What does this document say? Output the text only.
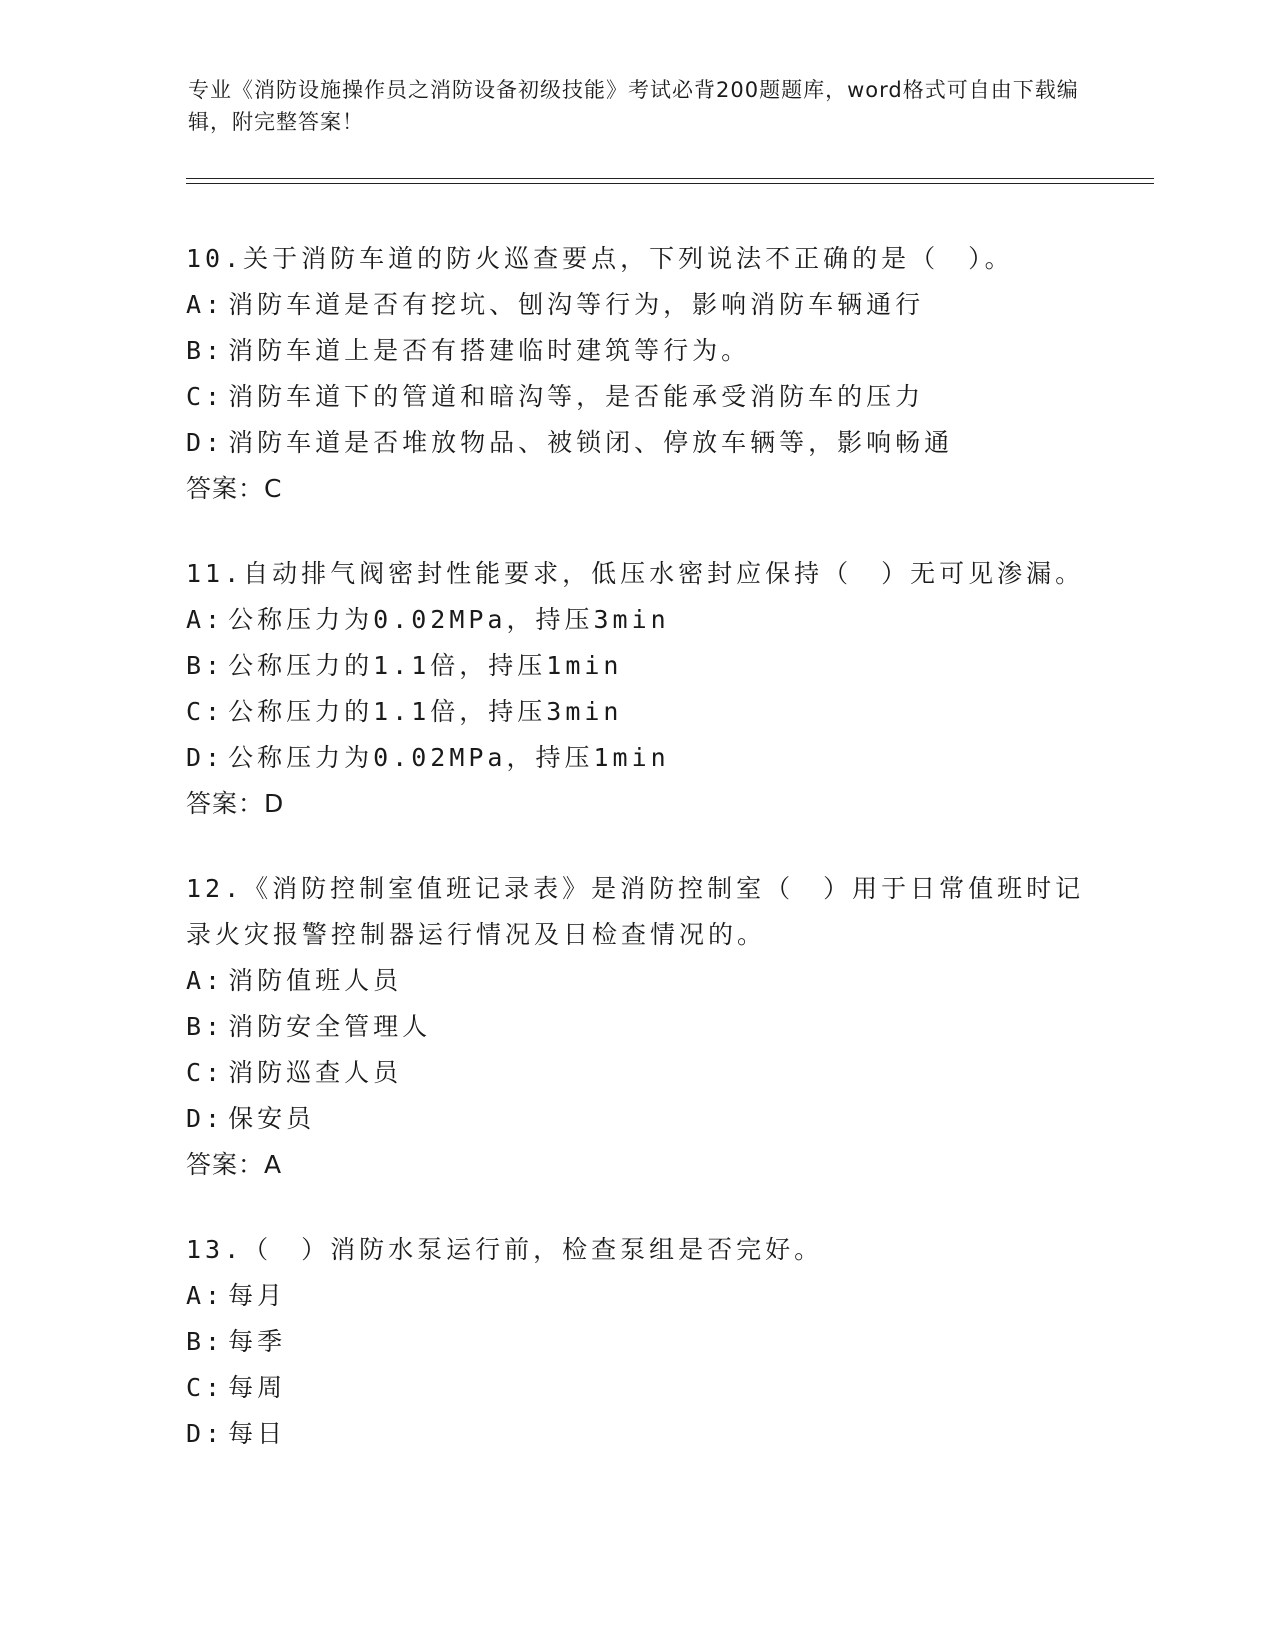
专业《消防设施操作员之消防设备初级技能》考试必背200题题库，word格式可自由下载编辑，附完整答案！
10.关于消防车道的防火巡查要点，下列说法不正确的是（　）。
A: 消防车道是否有挖坑、刨沟等行为，影响消防车辆通行
B: 消防车道上是否有搭建临时建筑等行为。
C: 消防车道下的管道和暗沟等，是否能承受消防车的压力
D: 消防车道是否堆放物品、被锁闭、停放车辆等，影响畅通
答案：C
11.自动排气阀密封性能要求，低压水密封应保持（　）无可见渗漏。
A: 公称压力为0.02MPa，持压3min
B: 公称压力的1.1倍，持压1min
C: 公称压力的1.1倍，持压3min
D: 公称压力为0.02MPa，持压1min
答案：D
12.《消防控制室值班记录表》是消防控制室（　）用于日常值班时记录火灾报警控制器运行情况及日检查情况的。
A: 消防值班人员
B: 消防安全管理人
C: 消防巡查人员
D: 保安员
答案：A
13.（　）消防水泵运行前，检查泵组是否完好。
A: 每月
B: 每季
C: 每周
D: 每日
